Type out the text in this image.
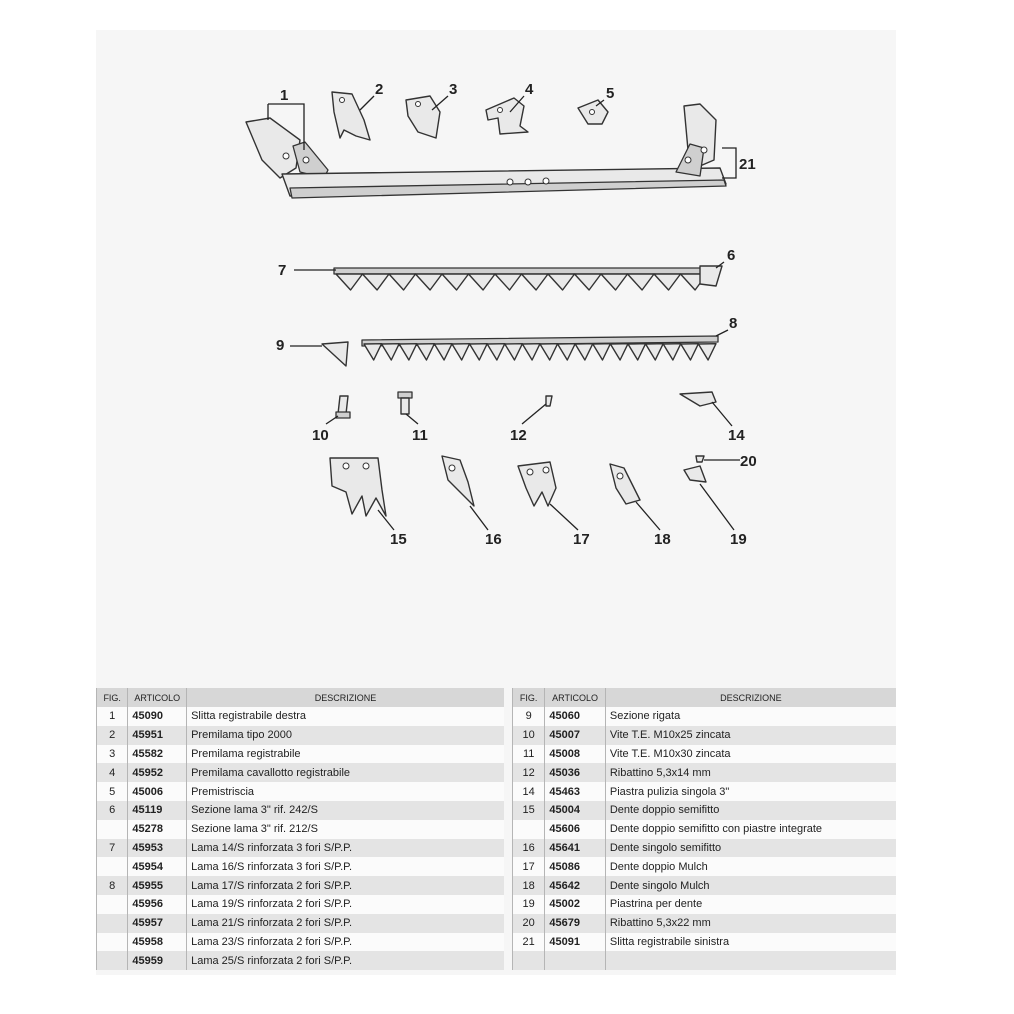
1	2	3	4	5
21
6
7
8
9
10	11	12	14
20
15	16	17	18	19
FIG.	ARTICOLO	DESCRIZIONE
1	45090	Slitta registrabile destra
2	45951	Premilama tipo 2000
3	45582	Premilama registrabile
4	45952	Premilama cavallotto registrabile
5	45006	Premistriscia
6	45119	Sezione lama 3" rif. 242/S
	45278	Sezione lama 3" rif. 212/S
7	45953	Lama 14/S rinforzata 3 fori S/P.P.
	45954	Lama 16/S rinforzata 3 fori S/P.P.
8	45955	Lama 17/S rinforzata 2 fori S/P.P.
	45956	Lama 19/S rinforzata 2 fori S/P.P.
	45957	Lama 21/S rinforzata 2 fori S/P.P.
	45958	Lama 23/S rinforzata 2 fori S/P.P.
	45959	Lama 25/S rinforzata 2 fori S/P.P.
FIG.	ARTICOLO	DESCRIZIONE
9	45060	Sezione rigata
10	45007	Vite T.E. M10x25 zincata
11	45008	Vite T.E. M10x30 zincata
12	45036	Ribattino 5,3x14 mm
14	45463	Piastra pulizia singola 3"
15	45004	Dente doppio semifitto
	45606	Dente doppio semifitto con piastre integrate
16	45641	Dente singolo semifitto
17	45086	Dente doppio Mulch
18	45642	Dente singolo Mulch
19	45002	Piastrina per dente
20	45679	Ribattino 5,3x22 mm
21	45091	Slitta registrabile sinistra
